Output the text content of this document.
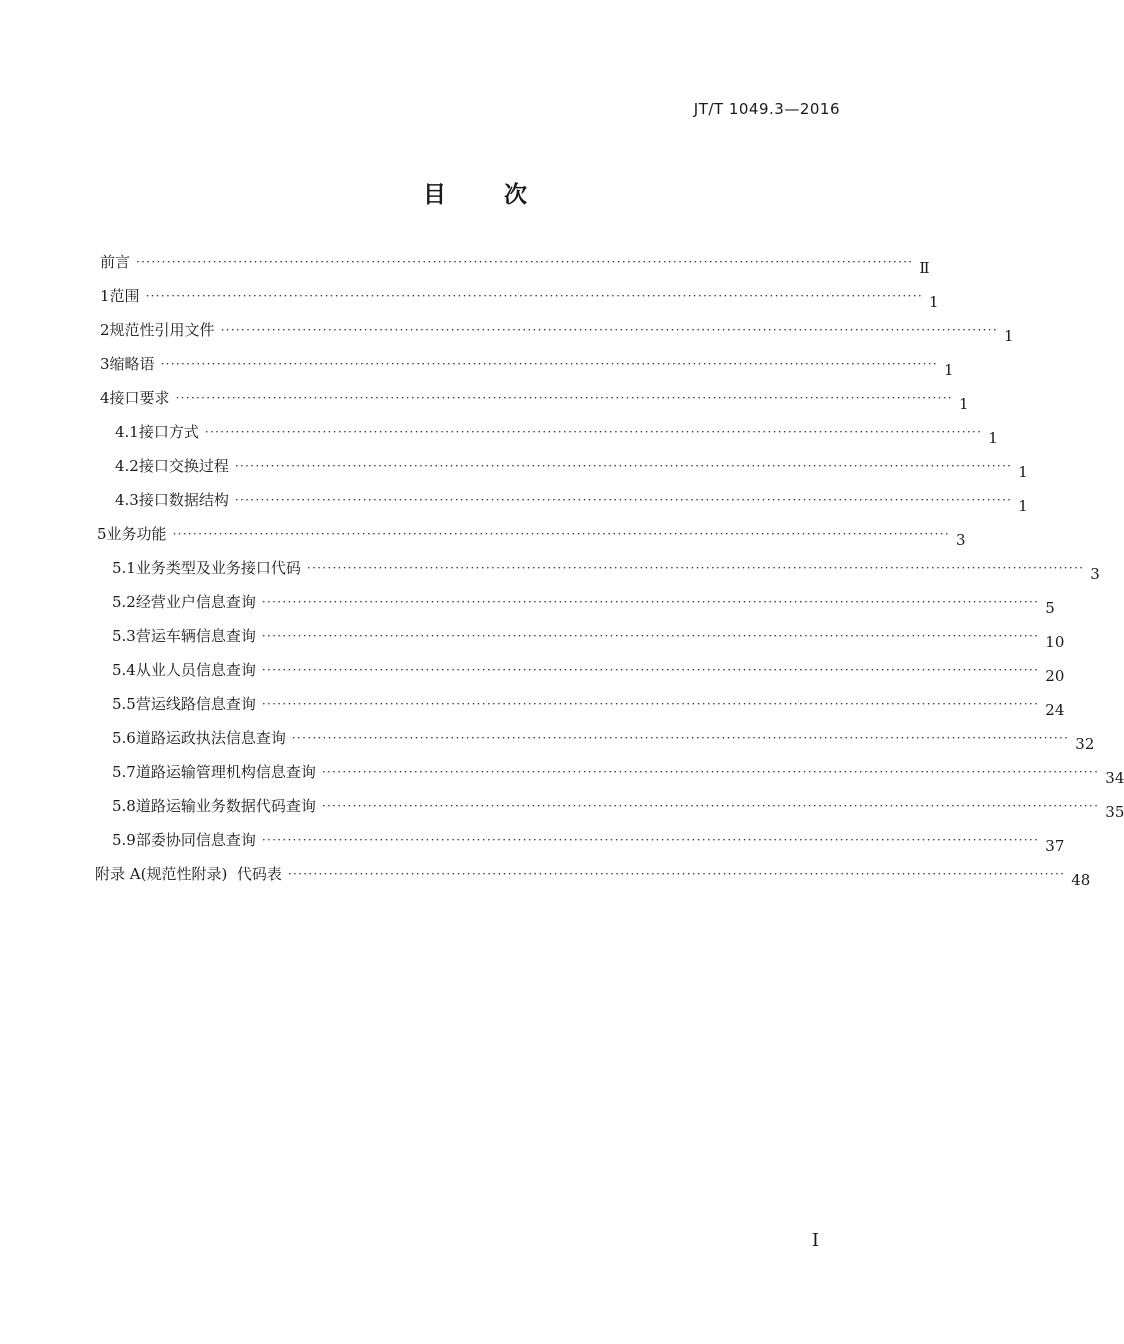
JT/T 1049.3—2016
目	次
前言 ························································································································································ Ⅱ
1 范围 ························································································································································ 1
2 规范性引用文件 ························································································································································ 1
3 缩略语 ························································································································································ 1
4 接口要求 ························································································································································ 1
4.1 接口方式 ························································································································································ 1
4.2 接口交换过程 ························································································································································ 1
4.3 接口数据结构 ························································································································································ 1
5 业务功能 ························································································································································ 3
5.1 业务类型及业务接口代码 ························································································································································ 3
5.2 经营业户信息查询 ························································································································································ 5
5.3 营运车辆信息查询 ························································································································································ 10
5.4 从业人员信息查询 ························································································································································ 20
5.5 营运线路信息查询 ························································································································································ 24
5.6 道路运政执法信息查询 ························································································································································ 32
5.7 道路运输管理机构信息查询 ························································································································································ 34
5.8 道路运输业务数据代码查询 ························································································································································ 35
5.9 部委协同信息查询 ························································································································································ 37
附录 A(规范性附录)  代码表 ························································································································································ 48
I
